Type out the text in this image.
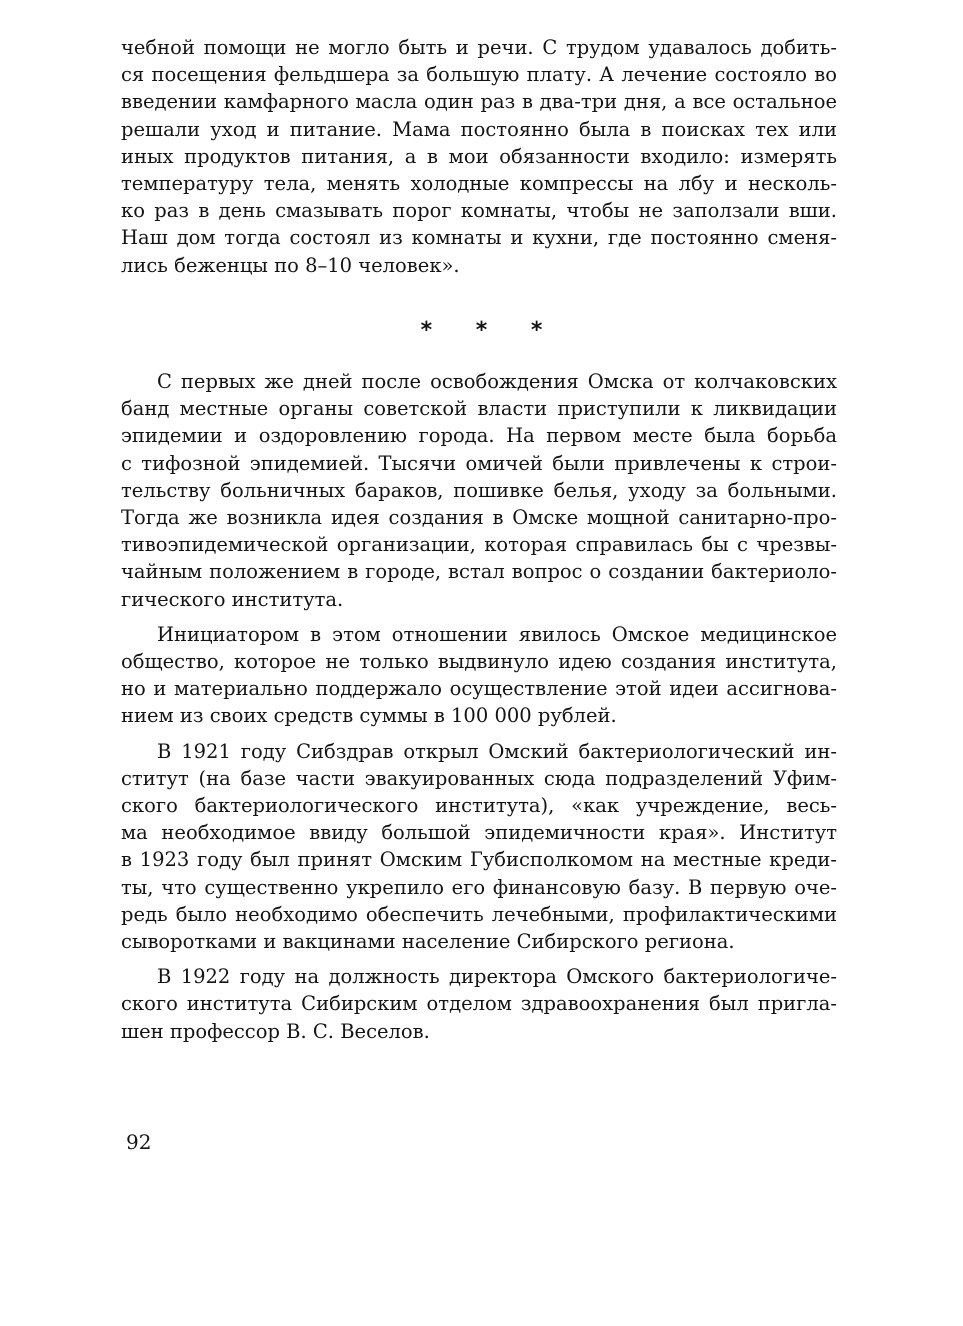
чебной помощи не могло быть и речи. С трудом удавалось добить-
ся посещения фельдшера за большую плату. А лечение состояло во
введении камфарного масла один раз в два-три дня, а все остальное
решали уход и питание. Мама постоянно была в поисках тех или
иных продуктов питания, а в мои обязанности входило: измерять
температуру тела, менять холодные компрессы на лбу и несколь-
ко раз в день смазывать порог комнаты, чтобы не заползали вши.
Наш дом тогда состоял из комнаты и кухни, где постоянно сменя-
лись беженцы по 8–10 человек».

* * *

С первых же дней после освобождения Омска от колчаковских
банд местные органы советской власти приступили к ликвидации
эпидемии и оздоровлению города. На первом месте была борьба
с тифозной эпидемией. Тысячи омичей были привлечены к строи-
тельству больничных бараков, пошивке белья, уходу за больными.
Тогда же возникла идея создания в Омске мощной санитарно-про-
тивоэпидемической организации, которая справилась бы с чрезвы-
чайным положением в городе, встал вопрос о создании бактериоло-
гического института.

Инициатором в этом отношении явилось Омское медицинское
общество, которое не только выдвинуло идею создания института,
но и материально поддержало осуществление этой идеи ассигнова-
нием из своих средств суммы в 100 000 рублей.

В 1921 году Сибздрав открыл Омский бактериологический ин-
ститут (на базе части эвакуированных сюда подразделений Уфим-
ского бактериологического института), «как учреждение, весь-
ма необходимое ввиду большой эпидемичности края». Институт
в 1923 году был принят Омским Губисполкомом на местные креди-
ты, что существенно укрепило его финансовую базу. В первую оче-
редь было необходимо обеспечить лечебными, профилактическими
сыворотками и вакцинами население Сибирского региона.

В 1922 году на должность директора Омского бактериологиче-
ского института Сибирским отделом здравоохранения был пригла-
шен профессор В. С. Веселов.

92
